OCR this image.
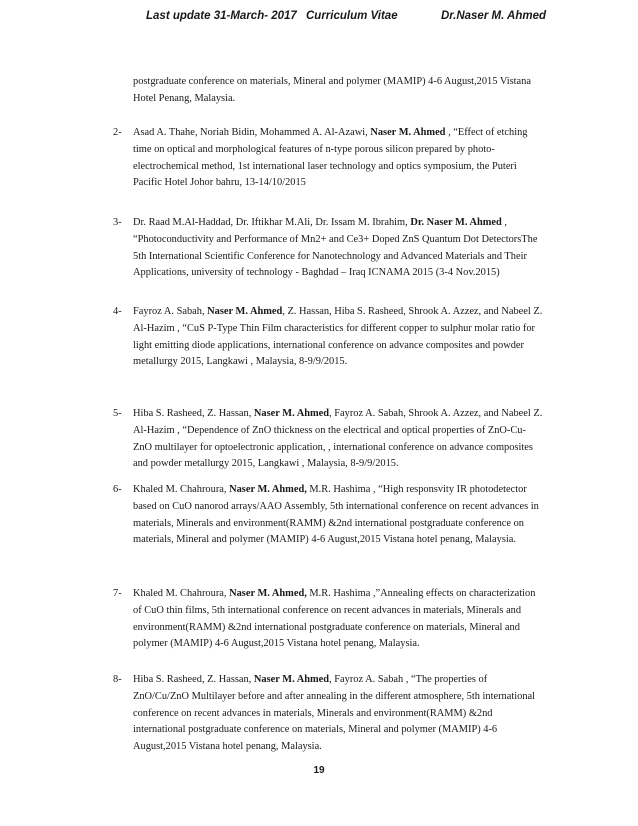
Last update 31-March- 2017 Curriculum Vitae	Dr.Naser M. Ahmed
postgraduate conference on materials, Mineral and polymer (MAMIP) 4-6 August,2015 Vistana Hotel Penang, Malaysia.
2- Asad A. Thahe, Noriah Bidin, Mohammed A. Al-Azawi, Naser M. Ahmed , “Effect of etching time on optical and morphological features of n-type porous silicon prepared by photo-electrochemical method, 1st international laser technology and optics symposium, the Puteri Pacific Hotel Johor bahru, 13-14/10/2015
3- Dr. Raad M.Al-Haddad, Dr. Iftikhar M.Ali, Dr. Issam M. Ibrahim, Dr. Naser M. Ahmed , “Photoconductivity and Performance of Mn2+ and Ce3+ Doped ZnS Quantum Dot DetectorsThe 5th International Scientific Conference for Nanotechnology and Advanced Materials and Their Applications, university of technology - Baghdad – Iraq ICNAMA 2015 (3-4 Nov.2015)
4- Fayroz A. Sabah, Naser M. Ahmed, Z. Hassan, Hiba S. Rasheed, Shrook A. Azzez, and Nabeel Z. Al-Hazim , “CuS P-Type Thin Film characteristics for different copper to sulphur molar ratio for light emitting diode applications, international conference on advance composites and powder metallurgy 2015, Langkawi , Malaysia, 8-9/9/2015.
5- Hiba S. Rasheed, Z. Hassan, Naser M. Ahmed, Fayroz A. Sabah, Shrook A. Azzez, and Nabeel Z. Al-Hazim , “Dependence of ZnO thickness on the electrical and optical properties of ZnO-Cu-ZnO multilayer for optoelectronic application, , international conference on advance composites and powder metallurgy 2015, Langkawi , Malaysia, 8-9/9/2015.
6- Khaled M. Chahroura, Naser M. Ahmed, M.R. Hashima , “High responsvity IR photodetector based on CuO nanorod arrays/AAO Assembly, 5th international conference on recent advances in materials, Minerals and environment(RAMM) &2nd international postgraduate conference on materials, Mineral and polymer (MAMIP) 4-6 August,2015 Vistana hotel penang, Malaysia.
7- Khaled M. Chahroura, Naser M. Ahmed, M.R. Hashima ,”Annealing effects on characterization of CuO thin films, 5th international conference on recent advances in materials, Minerals and environment(RAMM) &2nd international postgraduate conference on materials, Mineral and polymer (MAMIP) 4-6 August,2015 Vistana hotel penang, Malaysia.
8- Hiba S. Rasheed, Z. Hassan, Naser M. Ahmed, Fayroz A. Sabah , “The properties of ZnO/Cu/ZnO Multilayer before and after annealing in the different atmosphere, 5th international conference on recent advances in materials, Minerals and environment(RAMM) &2nd international postgraduate conference on materials, Mineral and polymer (MAMIP) 4-6 August,2015 Vistana hotel penang, Malaysia.
19
